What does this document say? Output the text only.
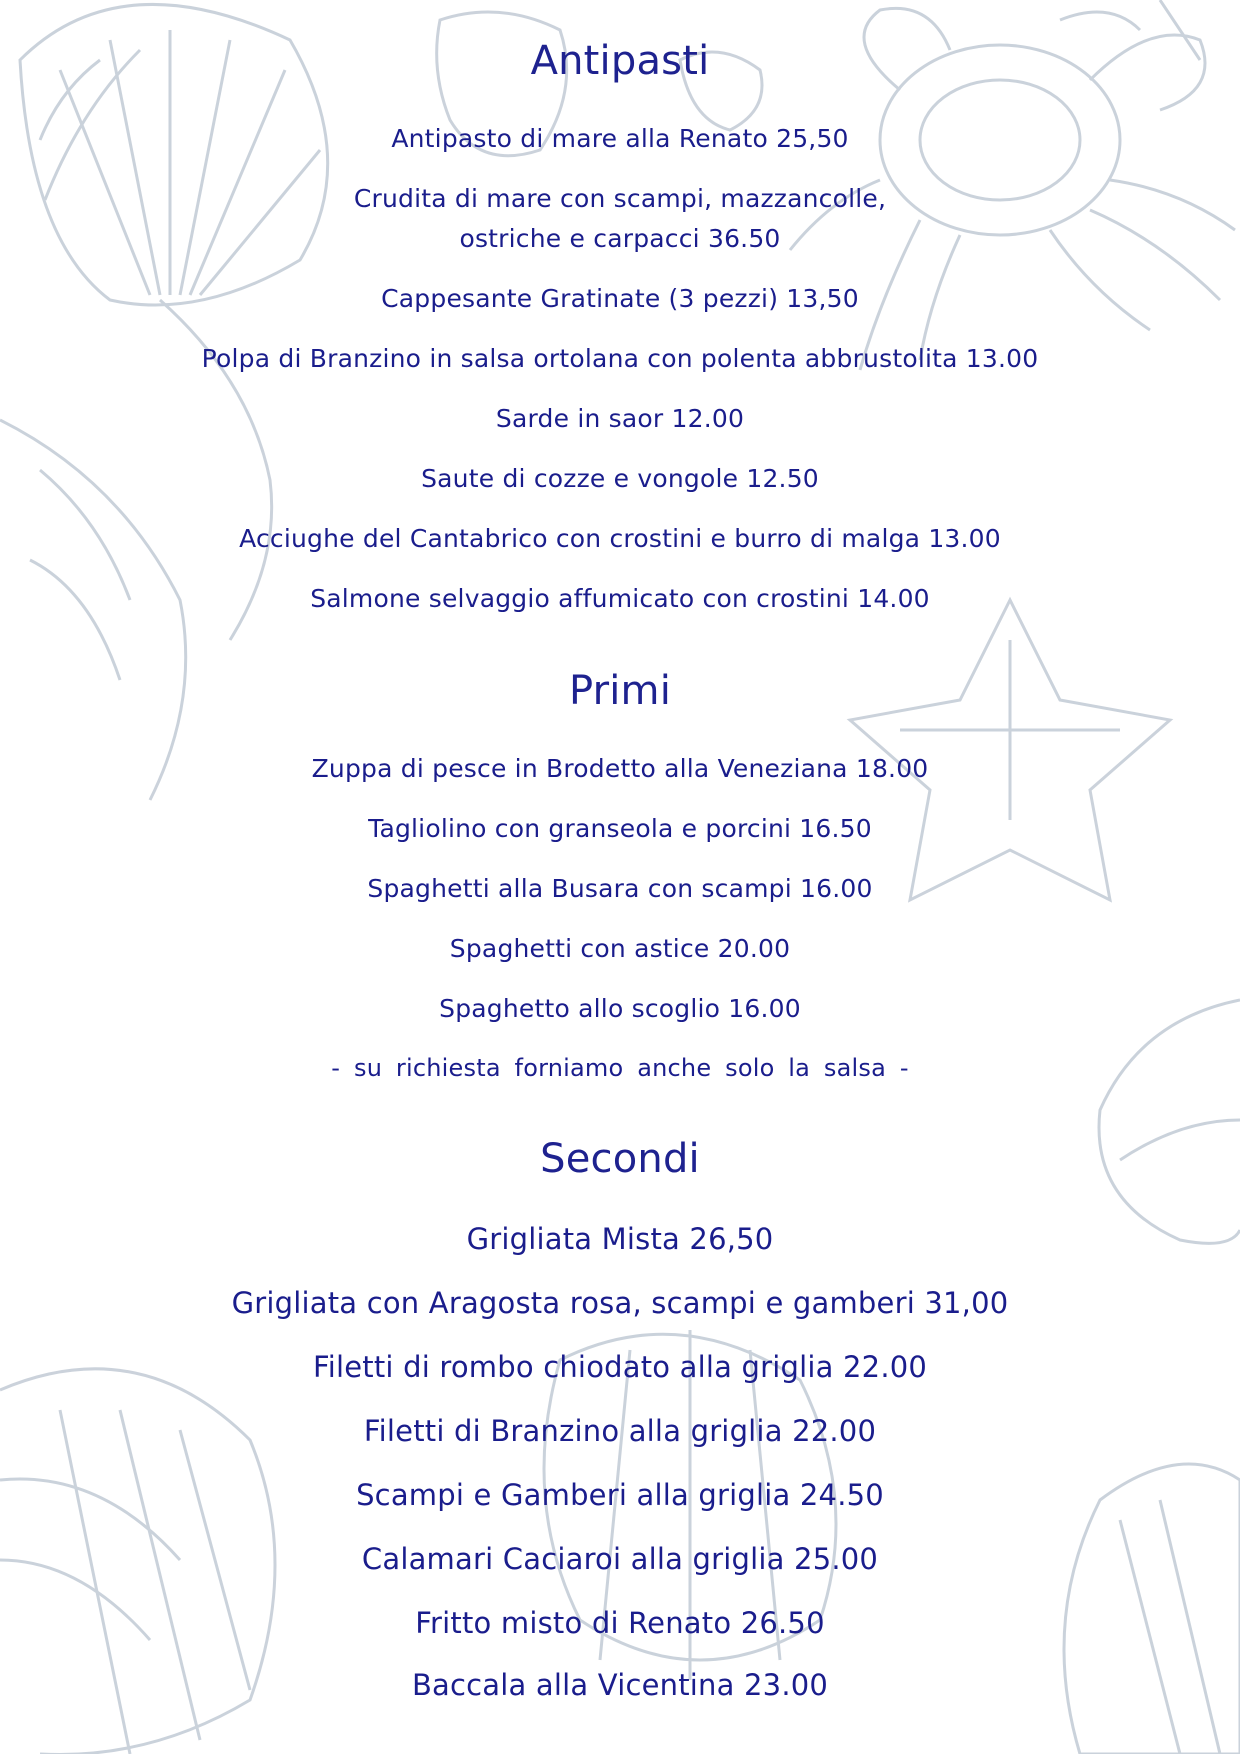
Antipasti
Antipasto di mare alla Renato 25,50
Crudita di mare con scampi, mazzancolle,
ostriche e carpacci 36.50
Cappesante Gratinate (3 pezzi) 13,50
Polpa di Branzino in salsa ortolana con polenta abbrustolita 13.00
Sarde in saor 12.00
Saute di cozze e vongole 12.50
Acciughe del Cantabrico con crostini e burro di malga 13.00
Salmone selvaggio affumicato con crostini 14.00
Primi
Zuppa di pesce in Brodetto alla Veneziana 18.00
Tagliolino con granseola e porcini 16.50
Spaghetti alla Busara con scampi 16.00
Spaghetti con astice 20.00
Spaghetto allo scoglio 16.00
- su richiesta forniamo anche solo la salsa -
Secondi
Grigliata Mista 26,50
Grigliata con Aragosta rosa, scampi e gamberi 31,00
Filetti di rombo chiodato alla griglia 22.00
Filetti di Branzino alla griglia 22.00
Scampi e Gamberi alla griglia 24.50
Calamari Caciaroi alla griglia 25.00
Fritto misto di Renato 26.50
Baccala alla Vicentina 23.00
